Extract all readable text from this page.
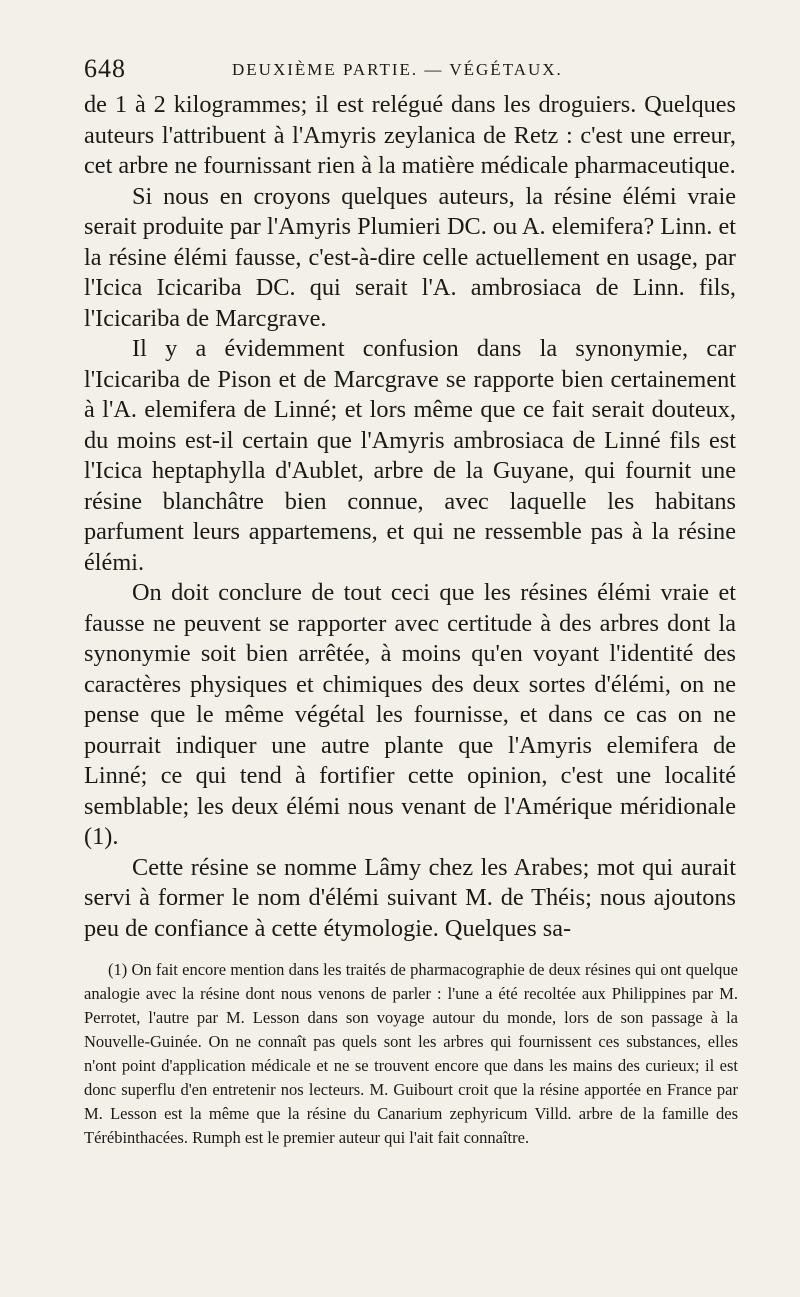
648	DEUXIÈME PARTIE. — VÉGÉTAUX.

de 1 à 2 kilogrammes; il est relégué dans les droguiers. Quelques auteurs l'attribuent à l'Amyris zeylanica de Retz : c'est une erreur, cet arbre ne fournissant rien à la matière médicale pharmaceutique.

Si nous en croyons quelques auteurs, la résine élémi vraie serait produite par l'Amyris Plumieri DC. ou A. elemifera? Linn. et la résine élémi fausse, c'est-à-dire celle actuellement en usage, par l'Icica Icicariba DC. qui serait l'A. ambrosiaca de Linn. fils, l'Icicariba de Marcgrave.

Il y a évidemment confusion dans la synonymie, car l'Icicariba de Pison et de Marcgrave se rapporte bien certainement à l'A. elemifera de Linné; et lors même que ce fait serait douteux, du moins est-il certain que l'Amyris ambrosiaca de Linné fils est l'Icica heptaphylla d'Aublet, arbre de la Guyane, qui fournit une résine blanchâtre bien connue, avec laquelle les habitans parfument leurs appartemens, et qui ne ressemble pas à la résine élémi.

On doit conclure de tout ceci que les résines élémi vraie et fausse ne peuvent se rapporter avec certitude à des arbres dont la synonymie soit bien arrêtée, à moins qu'en voyant l'identité des caractères physiques et chimiques des deux sortes d'élémi, on ne pense que le même végétal les fournisse, et dans ce cas on ne pourrait indiquer une autre plante que l'Amyris elemifera de Linné; ce qui tend à fortifier cette opinion, c'est une localité semblable; les deux élémi nous venant de l'Amérique méridionale (1).

Cette résine se nomme Lâmy chez les Arabes; mot qui aurait servi à former le nom d'élémi suivant M. de Théis; nous ajoutons peu de confiance à cette étymologie. Quelques sa-

(1) On fait encore mention dans les traités de pharmacographie de deux résines qui ont quelque analogie avec la résine dont nous venons de parler : l'une a été recoltée aux Philippines par M. Perrotet, l'autre par M. Lesson dans son voyage autour du monde, lors de son passage à la Nouvelle-Guinée. On ne connaît pas quels sont les arbres qui fournissent ces substances, elles n'ont point d'application médicale et ne se trouvent encore que dans les mains des curieux; il est donc superflu d'en entretenir nos lecteurs. M. Guibourt croit que la résine apportée en France par M. Lesson est la même que la résine du Canarium zephyricum Villd. arbre de la famille des Térébinthacées. Rumph est le premier auteur qui l'ait fait connaître.
